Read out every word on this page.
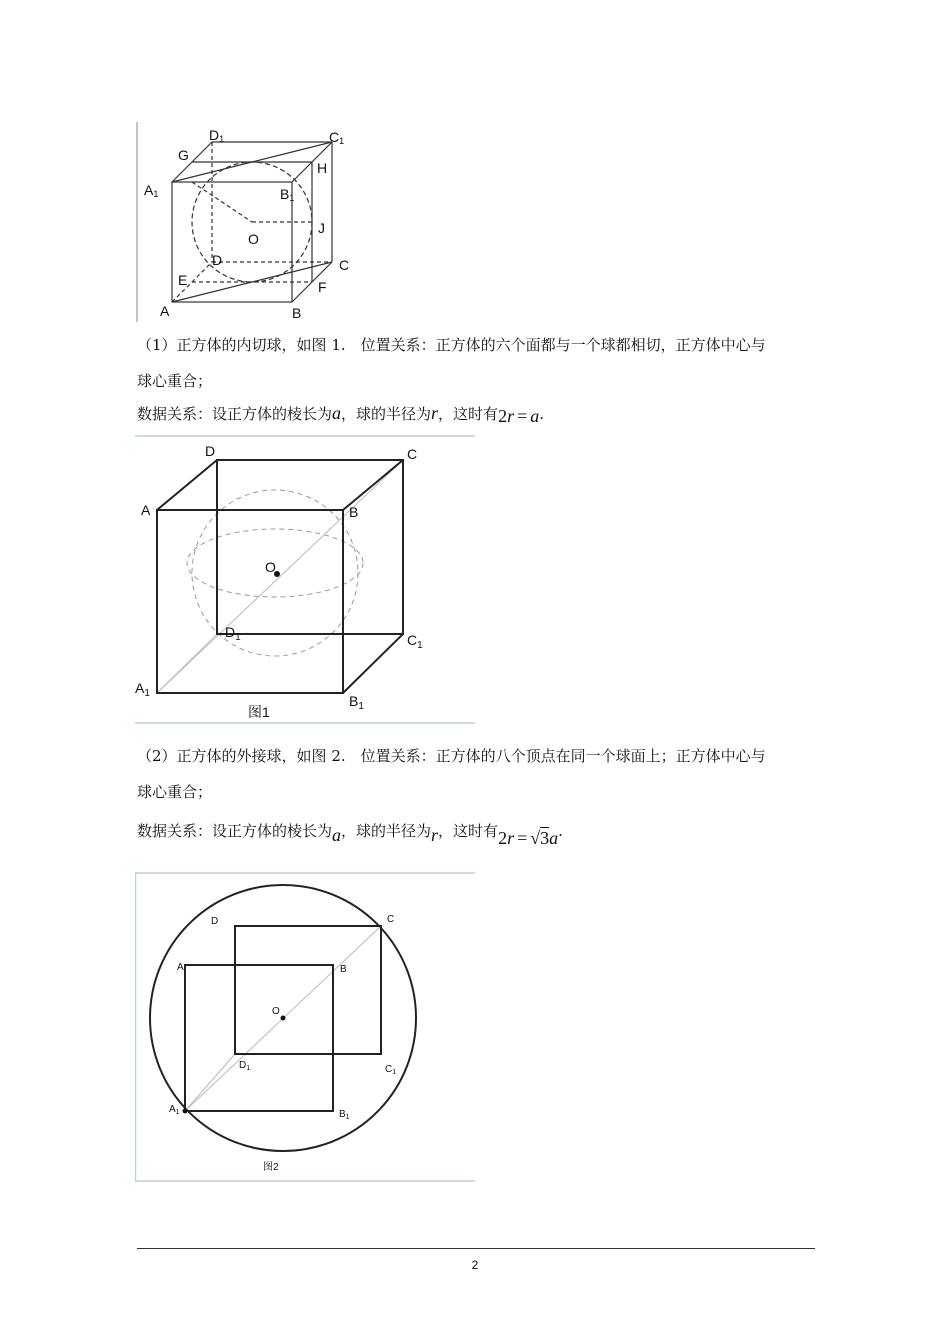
D1	C1
G
H
A1	B1
O
J
D	C
E	F
A	B
（1）正方体的内切球，如图 1.　位置关系：正方体的六个面都与一个球都相切，正方体中心与
球心重合；
数据关系：设正方体的棱长为a，球的半径为r，这时有2r = a.
D	C
A	B
O
$D_1$	$C_1$
$A_1$	$B_1$
图1
（2）正方体的外接球，如图 2.　位置关系：正方体的八个顶点在同一个球面上；正方体中心与
球心重合；
数据关系：设正方体的棱长为a，球的半径为r，这时有2r = √3a.
D	C
A	B
O
$D_1$	$C_1$
$A_1$	$B_1$
图2
2
